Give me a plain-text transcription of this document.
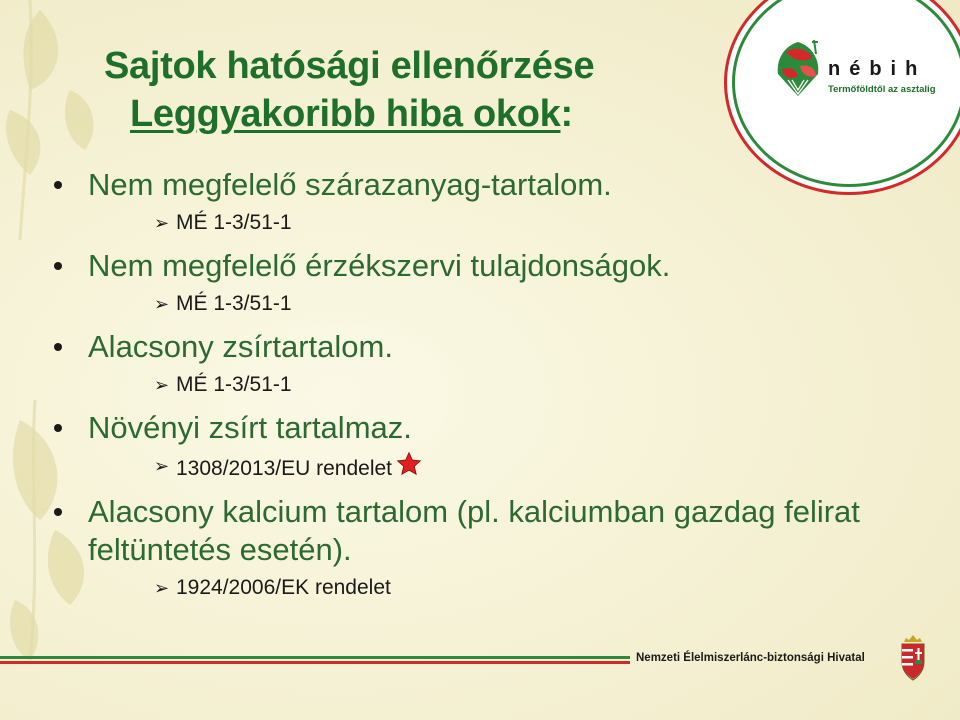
Sajtok hatósági ellenőrzése
Leggyakoribb hiba okok:

Nem megfelelő szárazanyag-tartalom.

➢ MÉ 1-3/51-1

Nem megfelelő érzékszervi tulajdonságok.

➢ MÉ 1-3/51-1

Alacsony zsírtartalom.

➢ MÉ 1-3/51-1

Növényi zsírt tartalmaz.

➢ 1308/2013/EU rendelet

Alacsony kalcium tartalom (pl. kalciumban gazdag felirat feltüntetés esetén).

➢ 1924/2006/EK rendelet
nébih
Termőföldtől az asztalig
Nemzeti Élelmiszerlánc-biztonsági Hivatal
